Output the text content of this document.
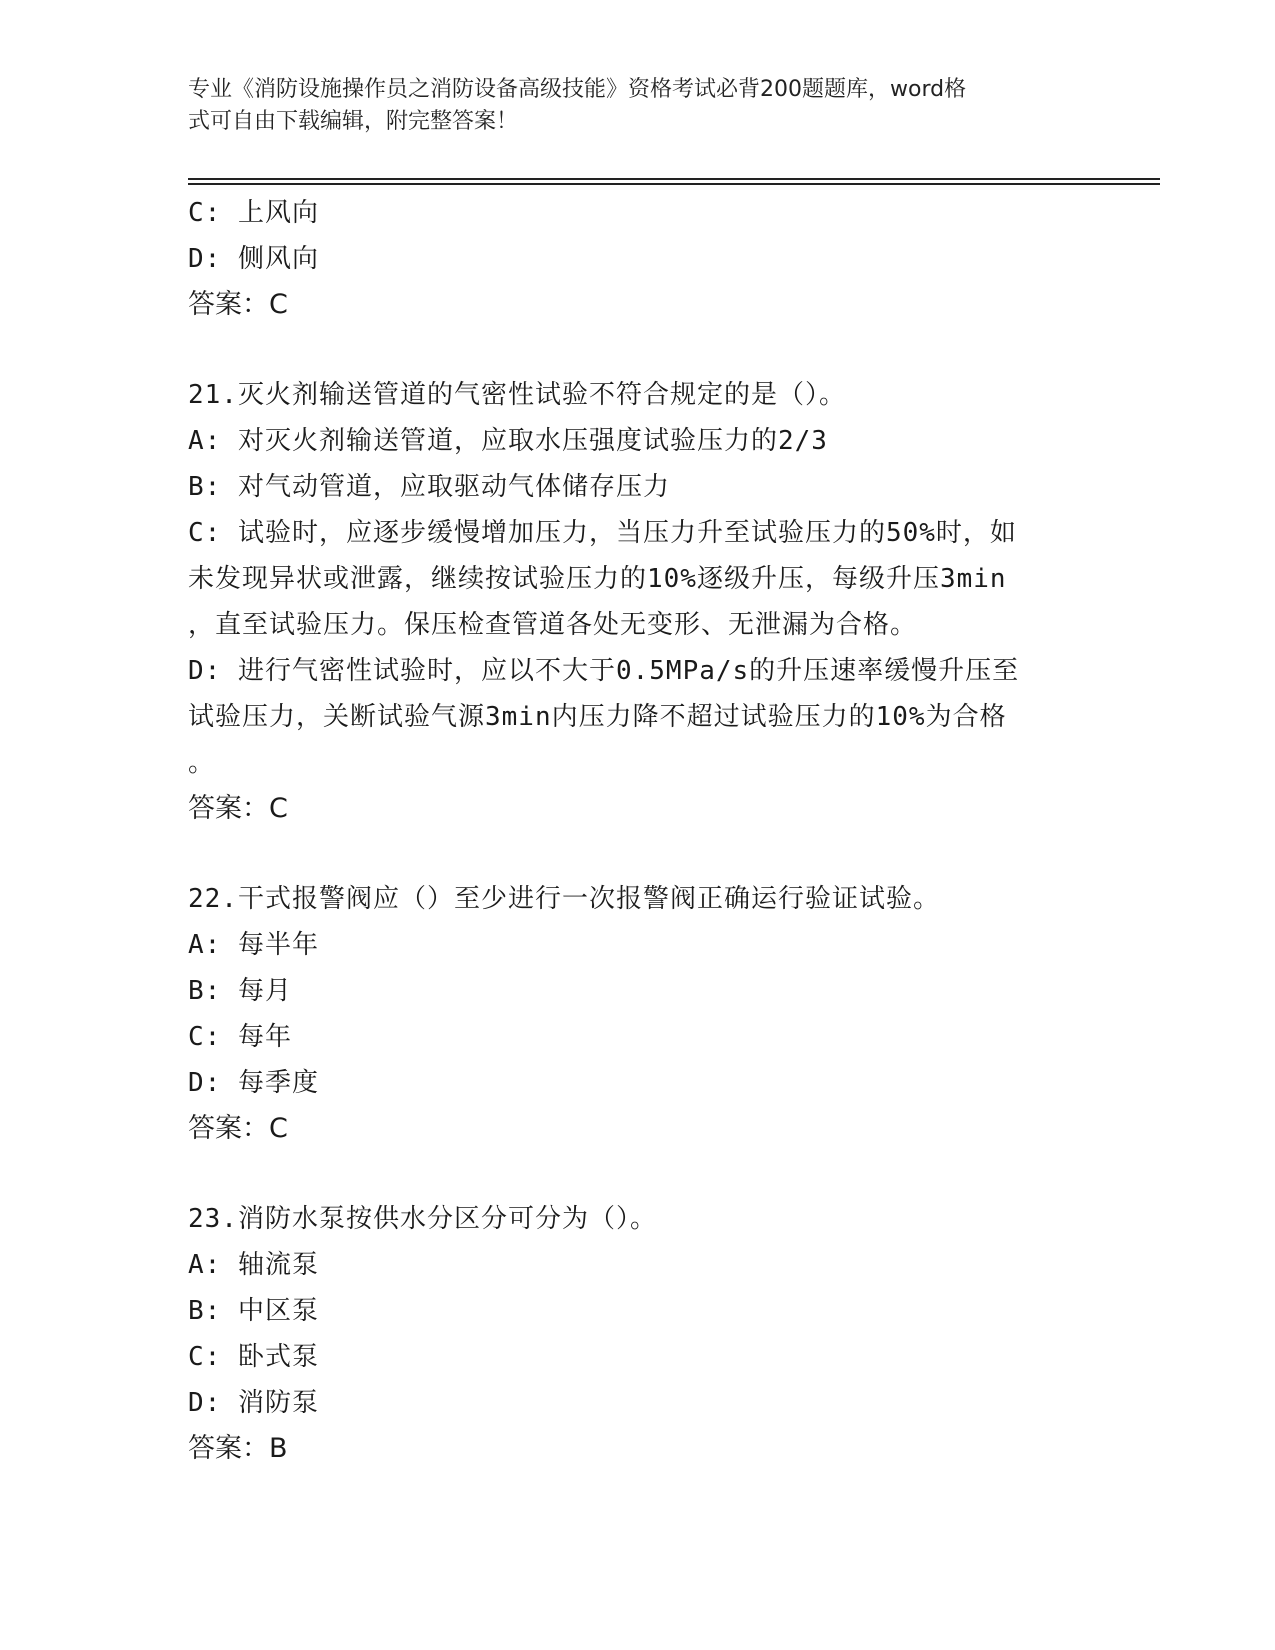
专业《消防设施操作员之消防设备高级技能》资格考试必背200题题库，word格
式可自由下载编辑，附完整答案！
C: 上风向
D: 侧风向
答案：C
21.灭火剂输送管道的气密性试验不符合规定的是（）。
A: 对灭火剂输送管道，应取水压强度试验压力的2/3
B: 对气动管道，应取驱动气体储存压力
C: 试验时，应逐步缓慢增加压力，当压力升至试验压力的50%时，如
未发现异状或泄露，继续按试验压力的10%逐级升压，每级升压3min
，直至试验压力。保压检查管道各处无变形、无泄漏为合格。
D: 进行气密性试验时，应以不大于0.5MPa/s的升压速率缓慢升压至
试验压力，关断试验气源3min内压力降不超过试验压力的10%为合格
。
答案：C
22.干式报警阀应（）至少进行一次报警阀正确运行验证试验。
A: 每半年
B: 每月
C: 每年
D: 每季度
答案：C
23.消防水泵按供水分区分可分为（）。
A: 轴流泵
B: 中区泵
C: 卧式泵
D: 消防泵
答案：B
